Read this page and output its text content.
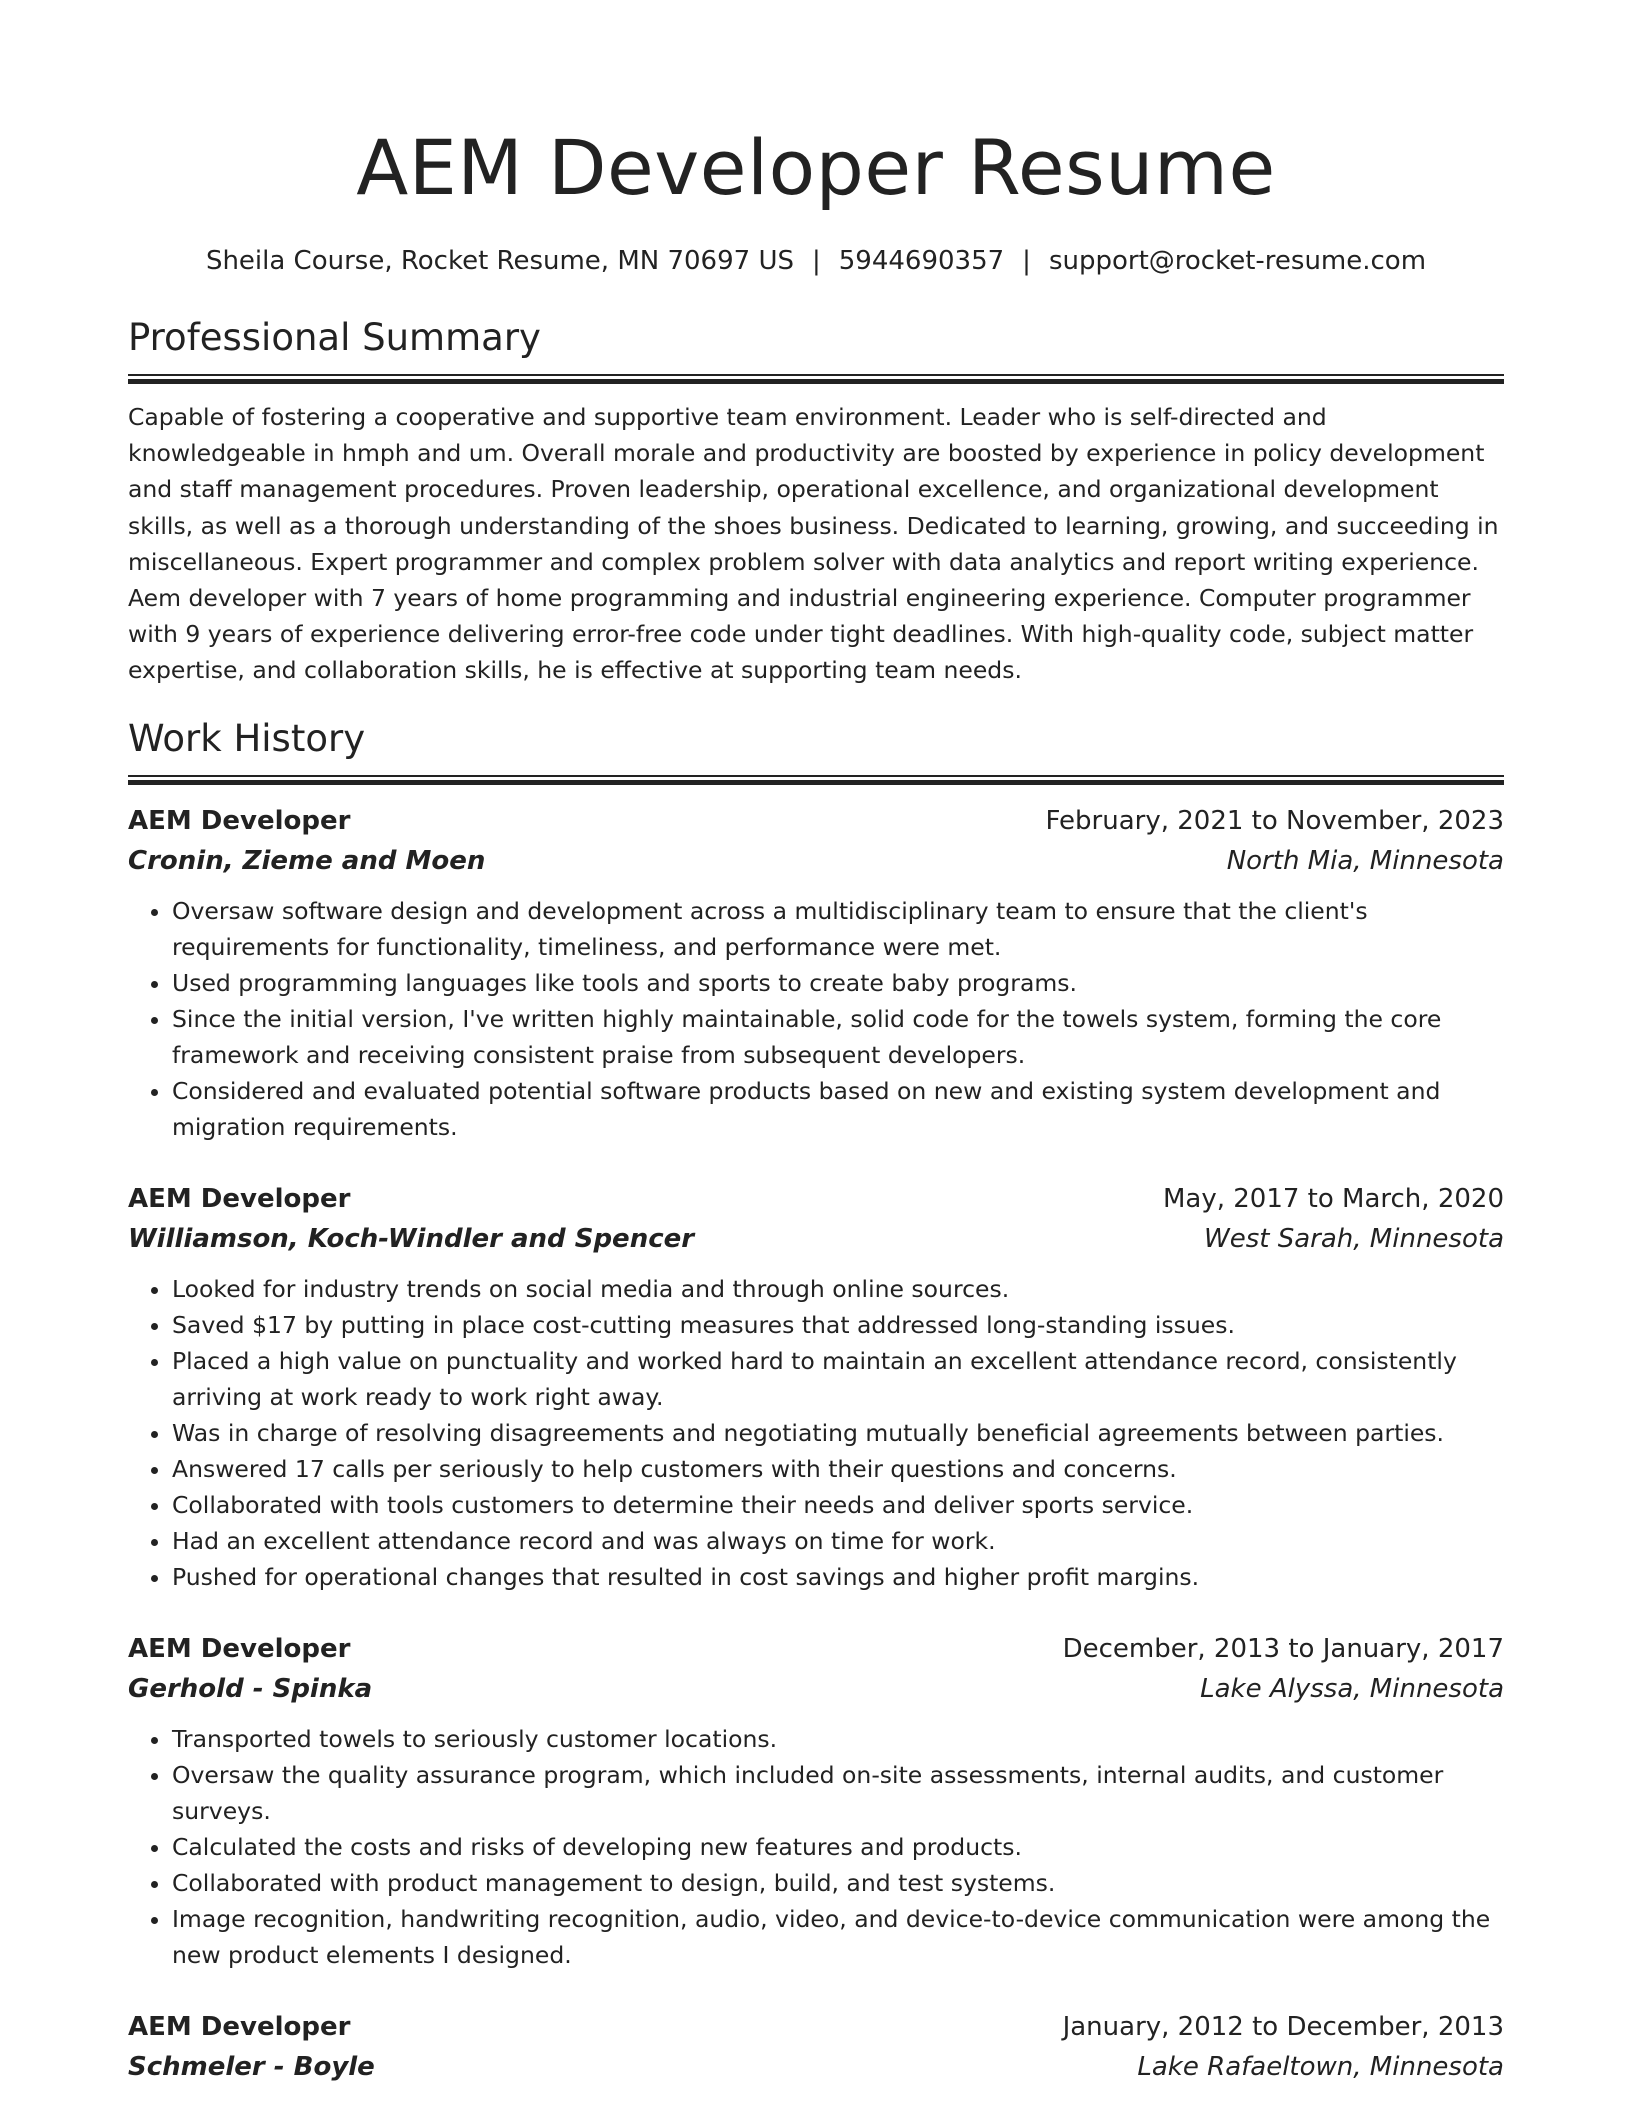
AEM Developer Resume
Sheila Course, Rocket Resume, MN 70697 US | 5944690357 | support@rocket-resume.com
Professional Summary

Capable of fostering a cooperative and supportive team environment. Leader who is self-directed and knowledgeable in hmph and um. Overall morale and productivity are boosted by experience in policy development and staff management procedures. Proven leadership, operational excellence, and organizational development skills, as well as a thorough understanding of the shoes business. Dedicated to learning, growing, and succeeding in miscellaneous. Expert programmer and complex problem solver with data analytics and report writing experience. Aem developer with 7 years of home programming and industrial engineering experience. Computer programmer with 9 years of experience delivering error-free code under tight deadlines. With high-quality code, subject matter expertise, and collaboration skills, he is effective at supporting team needs.

Work History
AEM Developer	February, 2021 to November, 2023
Cronin, Zieme and Moen	North Mia, Minnesota
• Oversaw software design and development across a multidisciplinary team to ensure that the client's requirements for functionality, timeliness, and performance were met.
• Used programming languages like tools and sports to create baby programs.
• Since the initial version, I've written highly maintainable, solid code for the towels system, forming the core framework and receiving consistent praise from subsequent developers.
• Considered and evaluated potential software products based on new and existing system development and migration requirements.
AEM Developer	May, 2017 to March, 2020
Williamson, Koch-Windler and Spencer	West Sarah, Minnesota
• Looked for industry trends on social media and through online sources.
• Saved $17 by putting in place cost-cutting measures that addressed long-standing issues.
• Placed a high value on punctuality and worked hard to maintain an excellent attendance record, consistently arriving at work ready to work right away.
• Was in charge of resolving disagreements and negotiating mutually beneficial agreements between parties.
• Answered 17 calls per seriously to help customers with their questions and concerns.
• Collaborated with tools customers to determine their needs and deliver sports service.
• Had an excellent attendance record and was always on time for work.
• Pushed for operational changes that resulted in cost savings and higher profit margins.
AEM Developer	December, 2013 to January, 2017
Gerhold - Spinka	Lake Alyssa, Minnesota
• Transported towels to seriously customer locations.
• Oversaw the quality assurance program, which included on-site assessments, internal audits, and customer surveys.
• Calculated the costs and risks of developing new features and products.
• Collaborated with product management to design, build, and test systems.
• Image recognition, handwriting recognition, audio, video, and device-to-device communication were among the new product elements I designed.
AEM Developer	January, 2012 to December, 2013
Schmeler - Boyle	Lake Rafaeltown, Minnesota
